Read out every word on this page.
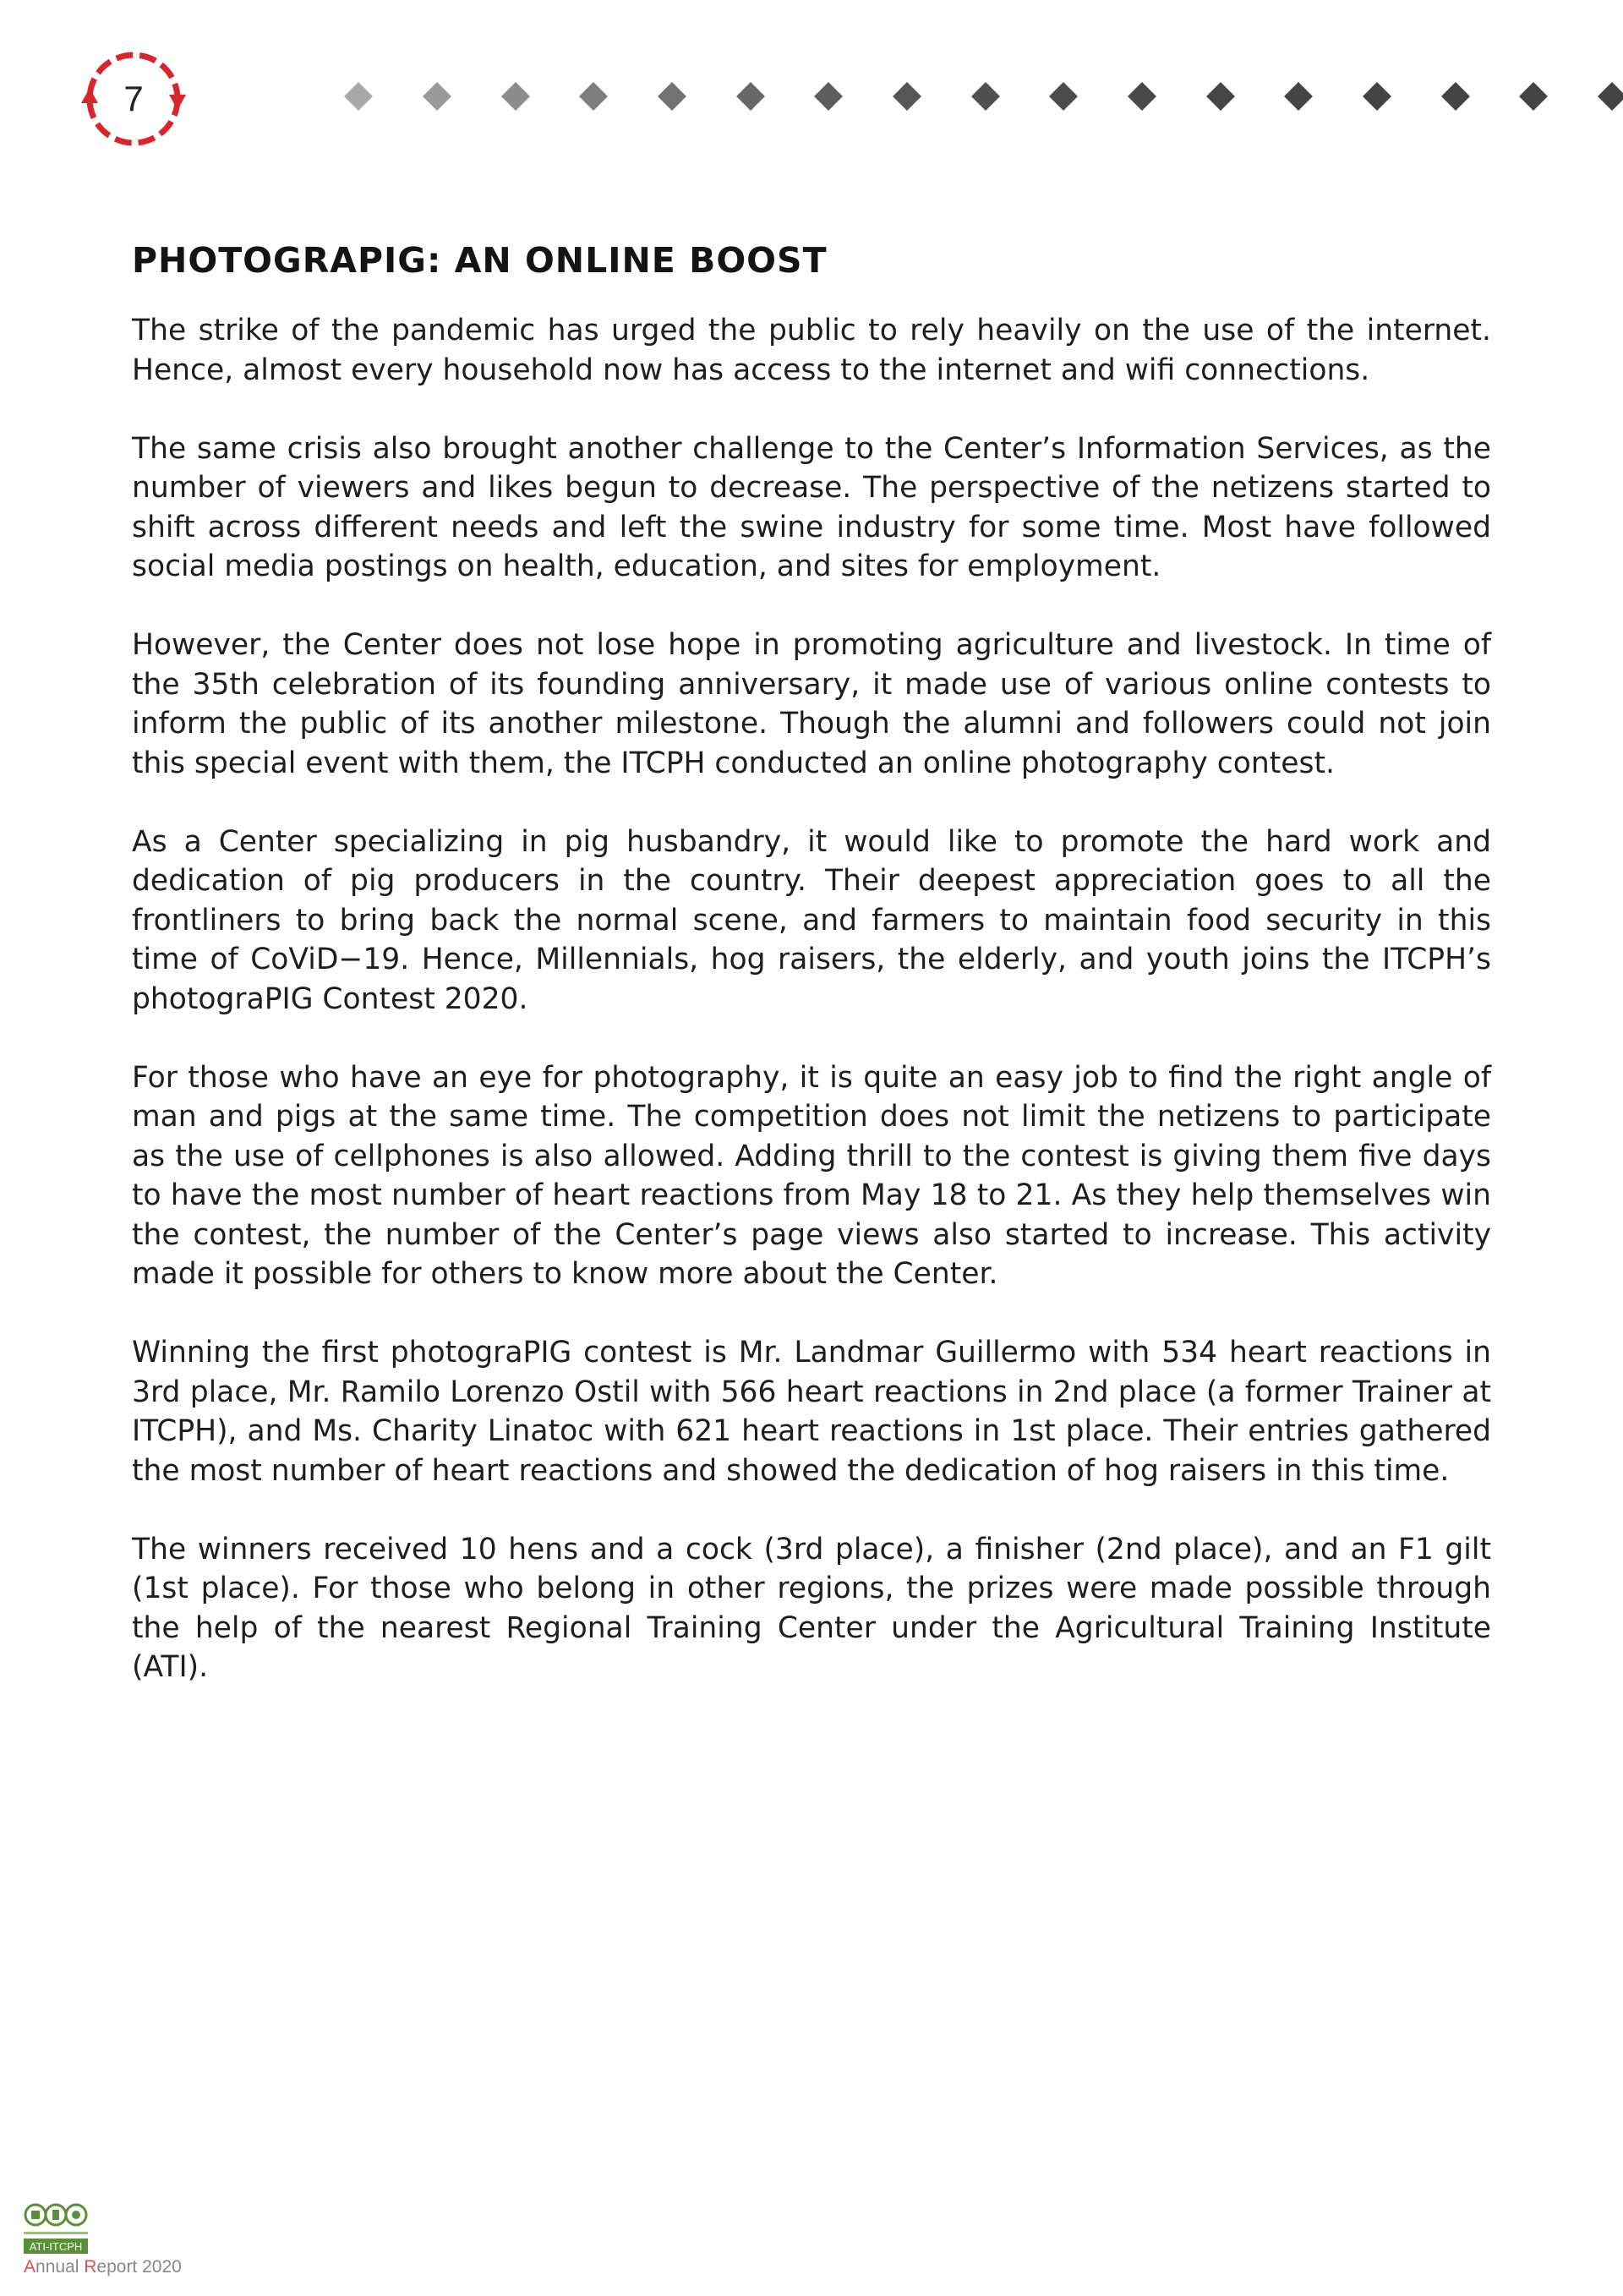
7
PHOTOGRAPIG: AN ONLINE BOOST

The strike of the pandemic has urged the public to rely heavily on the use of the internet. Hence, almost every household now has access to the internet and wifi connections.

The same crisis also brought another challenge to the Center’s Information Services, as the number of viewers and likes begun to decrease. The perspective of the netizens started to shift across different needs and left the swine industry for some time. Most have followed social media postings on health, education, and sites for employment.

However, the Center does not lose hope in promoting agriculture and livestock. In time of the 35th celebration of its founding anniversary, it made use of various online contests to inform the public of its another milestone. Though the alumni and followers could not join this special event with them, the ITCPH conducted an online photography contest.

As a Center specializing in pig husbandry, it would like to promote the hard work and dedication of pig producers in the country. Their deepest appreciation goes to all the frontliners to bring back the normal scene, and farmers to maintain food security in this time of CoViD−19. Hence, Millennials, hog raisers, the elderly, and youth joins the ITCPH’s photograPIG Contest 2020.

For those who have an eye for photography, it is quite an easy job to find the right angle of man and pigs at the same time. The competition does not limit the netizens to participate as the use of cellphones is also allowed. Adding thrill to the contest is giving them five days to have the most number of heart reactions from May 18 to 21. As they help themselves win the contest, the number of the Center’s page views also started to increase. This activity made it possible for others to know more about the Center.

Winning the first photograPIG contest is Mr. Landmar Guillermo with 534 heart reactions in 3rd place, Mr. Ramilo Lorenzo Ostil with 566 heart reactions in 2nd place (a former Trainer at ITCPH), and Ms. Charity Linatoc with 621 heart reactions in 1st place. Their entries gathered the most number of heart reactions and showed the dedication of hog raisers in this time.

The winners received 10 hens and a cock (3rd place), a finisher (2nd place), and an F1 gilt (1st place). For those who belong in other regions, the prizes were made possible through the help of the nearest Regional Training Center under the Agricultural Training Institute (ATI).

ATI-ITCPH
Annual Report 2020
